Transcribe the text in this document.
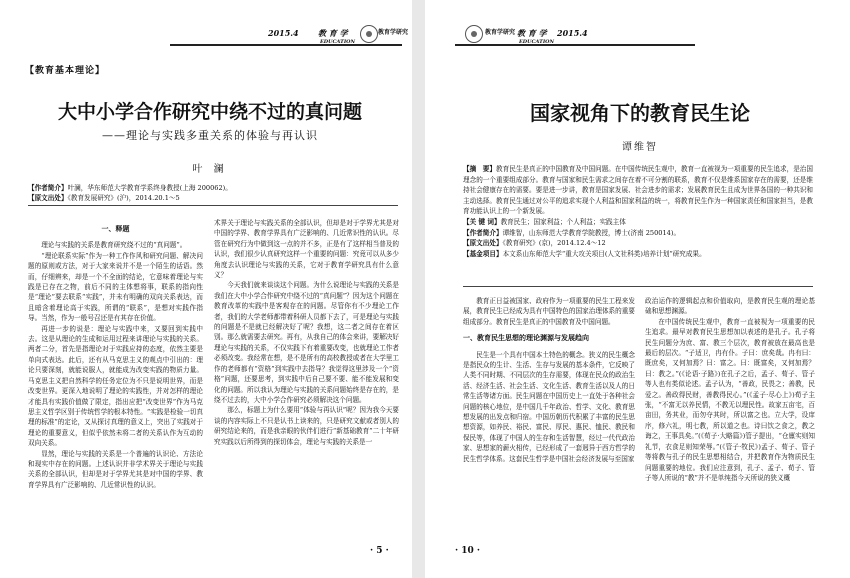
2015.4 教 育 学
EDUCATION
教育学研究
【教育基本理论】
大中小学合作研究中绕不过的真问题
——理论与实践多重关系的体验与再认识
叶 澜
【作者简介】叶澜，华东师范大学教育学系终身教授(上海 200062)。
【原文出处】《教育发展研究》(沪)，2014.20.1～5
一、释题

理论与实践的关系是教育研究绕不过的“真问题”。

“理论联系实际”作为一种工作作风和研究问题、解决问题的原则或方法，对于大家来说并不是一个陌生的话语。然而，仔细辨来，却是一个不全面的结论，它意味着理论与实践是已存在之物，前后不同的主体想将事，联系的指向性是“理论”要去联系“实践”，并未有明确的双向关系表达，而且暗含着理论高于实践，所谓的“联系”，是想对实践作指导。当然，作为一般号召还是有其存在价值。

再进一步的说是：理论与实践中来，又要回到实践中去。这是从理论的生成和运用过程来讲理论与实践的关系。两者二分，首先是指理论对于实践应持的态度，依然主要是单向式表达。此后，还有从马克思主义的观点中引出的：理论只要深刻，就能说服人，就能成为改变实践的物质力量。马克思主义把自然科学的任务定位为不只是说明世界，而是改变世界。更深入地说明了理论的实践性，并对怎样的理论才能具有实践价值做了限定，指出应把“改变世界”作为马克思主义哲学区别于传统哲学的根本特性。“实践是检验一切真理的标准”的定论，又从探讨真理的意义上，突出了实践对于理论的重要意义，但似乎依然未将二者的关系认作为互动的双向关系。

显然，理论与实践的关系是一个普遍的认识论、方法论和现实中存在的问题。上述认识并非学术界关于理论与实践关系的全部认识，但却是对于学界尤其是对中国的学界、教育学界具有广泛影响的、几近常识性的认识。

术界关于理论与实践关系的全部认识，但却是对于学界尤其是对中国的学界、教育学界具有广泛影响的、几近常识性的认识。尽管在研究行为中做到这一点的并不多，正是有了这样相当普及的认识，我们很少认真研究这样一个重要的问题：究竟可以从多少角度去认识理论与实践的关系，它对于教育学研究具有什么意义？

今天我们就来谈谈这个问题。为什么说理论与实践的关系是我们在大中小学合作研究中绕不过的“真问题”？因为这个问题在教育改革的实践中是客观存在的问题。尽管你有不少理论工作者，我们的大学老师都带着科研人员都下去了，可是理论与实践的问题是不是就已经解决好了呢？我想，这二者之间存在着区别。那么就需要去研究。再有，从我自己的体会来讲，要解决好理论与实践的关系，不仅实践下有着重要改变，也就理论工作者必须改变。我经常在想，是不是所有的高校教授或者在大学里工作的老师都有“资格”到实践中去指导？我觉得这里涉及一个“资格”问题，还要思考，到实践中后自己要不要、能不能发展和变化的问题。所以我认为理论与实践的关系问题始终是存在的，是绕不过去的，大中小学合作研究必须解决这个问题。

那么，标题上为什么要用“体验与再认识”呢？因为我今天要谈的内容实际上不只是认书上读来的，只是研究文献或者别人的研究结论来的，而是我亲眼的伙伴们进行“新基础教育”二十年研究实践以后所得到的探切体会，理论与实践的关系是一

· 5 ·
教育学研究 教 育 学
EDUCATION
2015.4
国家视角下的教育民生论
谭维智
【摘　要】教育民生是真正的中国教育及中国问题。在中国传统民生观中，教育一直被视为一项重要的民生追求，是治国理念的一个重要组成部分。教育与国家和民生需求之间存在着不可分割的联系，教育不仅是维系国家存在的需要，还是维持社会健康存在的需要。要是进一步讲，教育是国家发展、社会进步的需求；发展教育民生且成为世界各国的一种共识和主动选择。教育民生通过对公平的追求实现个人利益和国家利益的统一，将教育民生作为一种国家责任和国家担当，是教育功能认识上的一个新发展。
【关 键 词】教育民生；国家利益；个人利益；实践主体
【作者简介】谭维智，山东师范大学教育学院教授，博士(济南 250014)。
【原文出处】《教育研究》(京)，2014.12.4～12
【基金项目】本文系山东师范大学“重大攻关项目(人文社科类)培养计划”研究成果。

教育正日益被国家、政府作为一项重要的民生工程来发展，教育民生已经成为具有中国特色的国家治理体系的重要组成部分。教育民生是真正的中国教育及中国问题。

一、教育民生思想的理论渊源与发展趋向

民生是一个具有中国本土特色的概念。狭义的民生概念是指民众的生计、生活、生存与发展的基本条件，它反映了人类不同时期、不同层次的生存需要，体现在民众的政治生活、经济生活、社会生活、文化生活、教育生活以及人的日常生活等诸方面。民生问题在中国历史上一直处于各种社会问题的核心地位，是中国几千年政治、哲学、文化、教育思想发展的出发点和归宿。中国历朝历代积累了丰富的民生思想资源，如养民、裕民、富民、厚民、惠民、恤民、教民和保民等，体现了中国人的生存和生活智慧，经过一代代政治家、思想家的薪火相传，已经形成了一套迥异于西方哲学的民生哲学体系。这套民生哲学是中国社会经济发展与至国家

政治运作的逻辑起点和价值取向，是教育民生观的理论基础和思想渊源。

在中国传统民生观中，教育一直被视为一项重要的民生追求。最早对教育民生思想加以表述的是孔子。孔子将民生问题分为庶、富、教三个层次，教育被放在最高也是最后的层次。“子适卫，冉有仆。子曰：庶矣哉。冉有曰：既庶矣，又何加焉？曰：富之。曰：既富矣，又何加焉？曰：教之。”(《论语·子路》)在孔子之后，孟子、荀子、管子等人也有类似论述。孟子认为，“善政，民畏之；善教，民爱之。善政得民财，善教得民心。”(《孟子·尽心上》)荀子主张，“不富无以养民情，不教无以理民性。故家五亩宅，百亩田，务其业，而勿夺其时，所以富之也。立大学，设庠序，修六礼，明七教，所以道之也。诗曰饮之食之，教之诲之，王事具矣。”(《荀子·大略篇》)管子提出，“仓廪实则知礼节，衣食足则知荣辱。”(《管子·牧民》)孟子、荀子、管子等将教与孔子的民生思想相结合，并把教育作为物质民生问题重要的地位。我们应注意到，孔子、孟子、荀子、管子等人所说的“教”并不是单纯指今天所说的狭义概

· 10 ·
